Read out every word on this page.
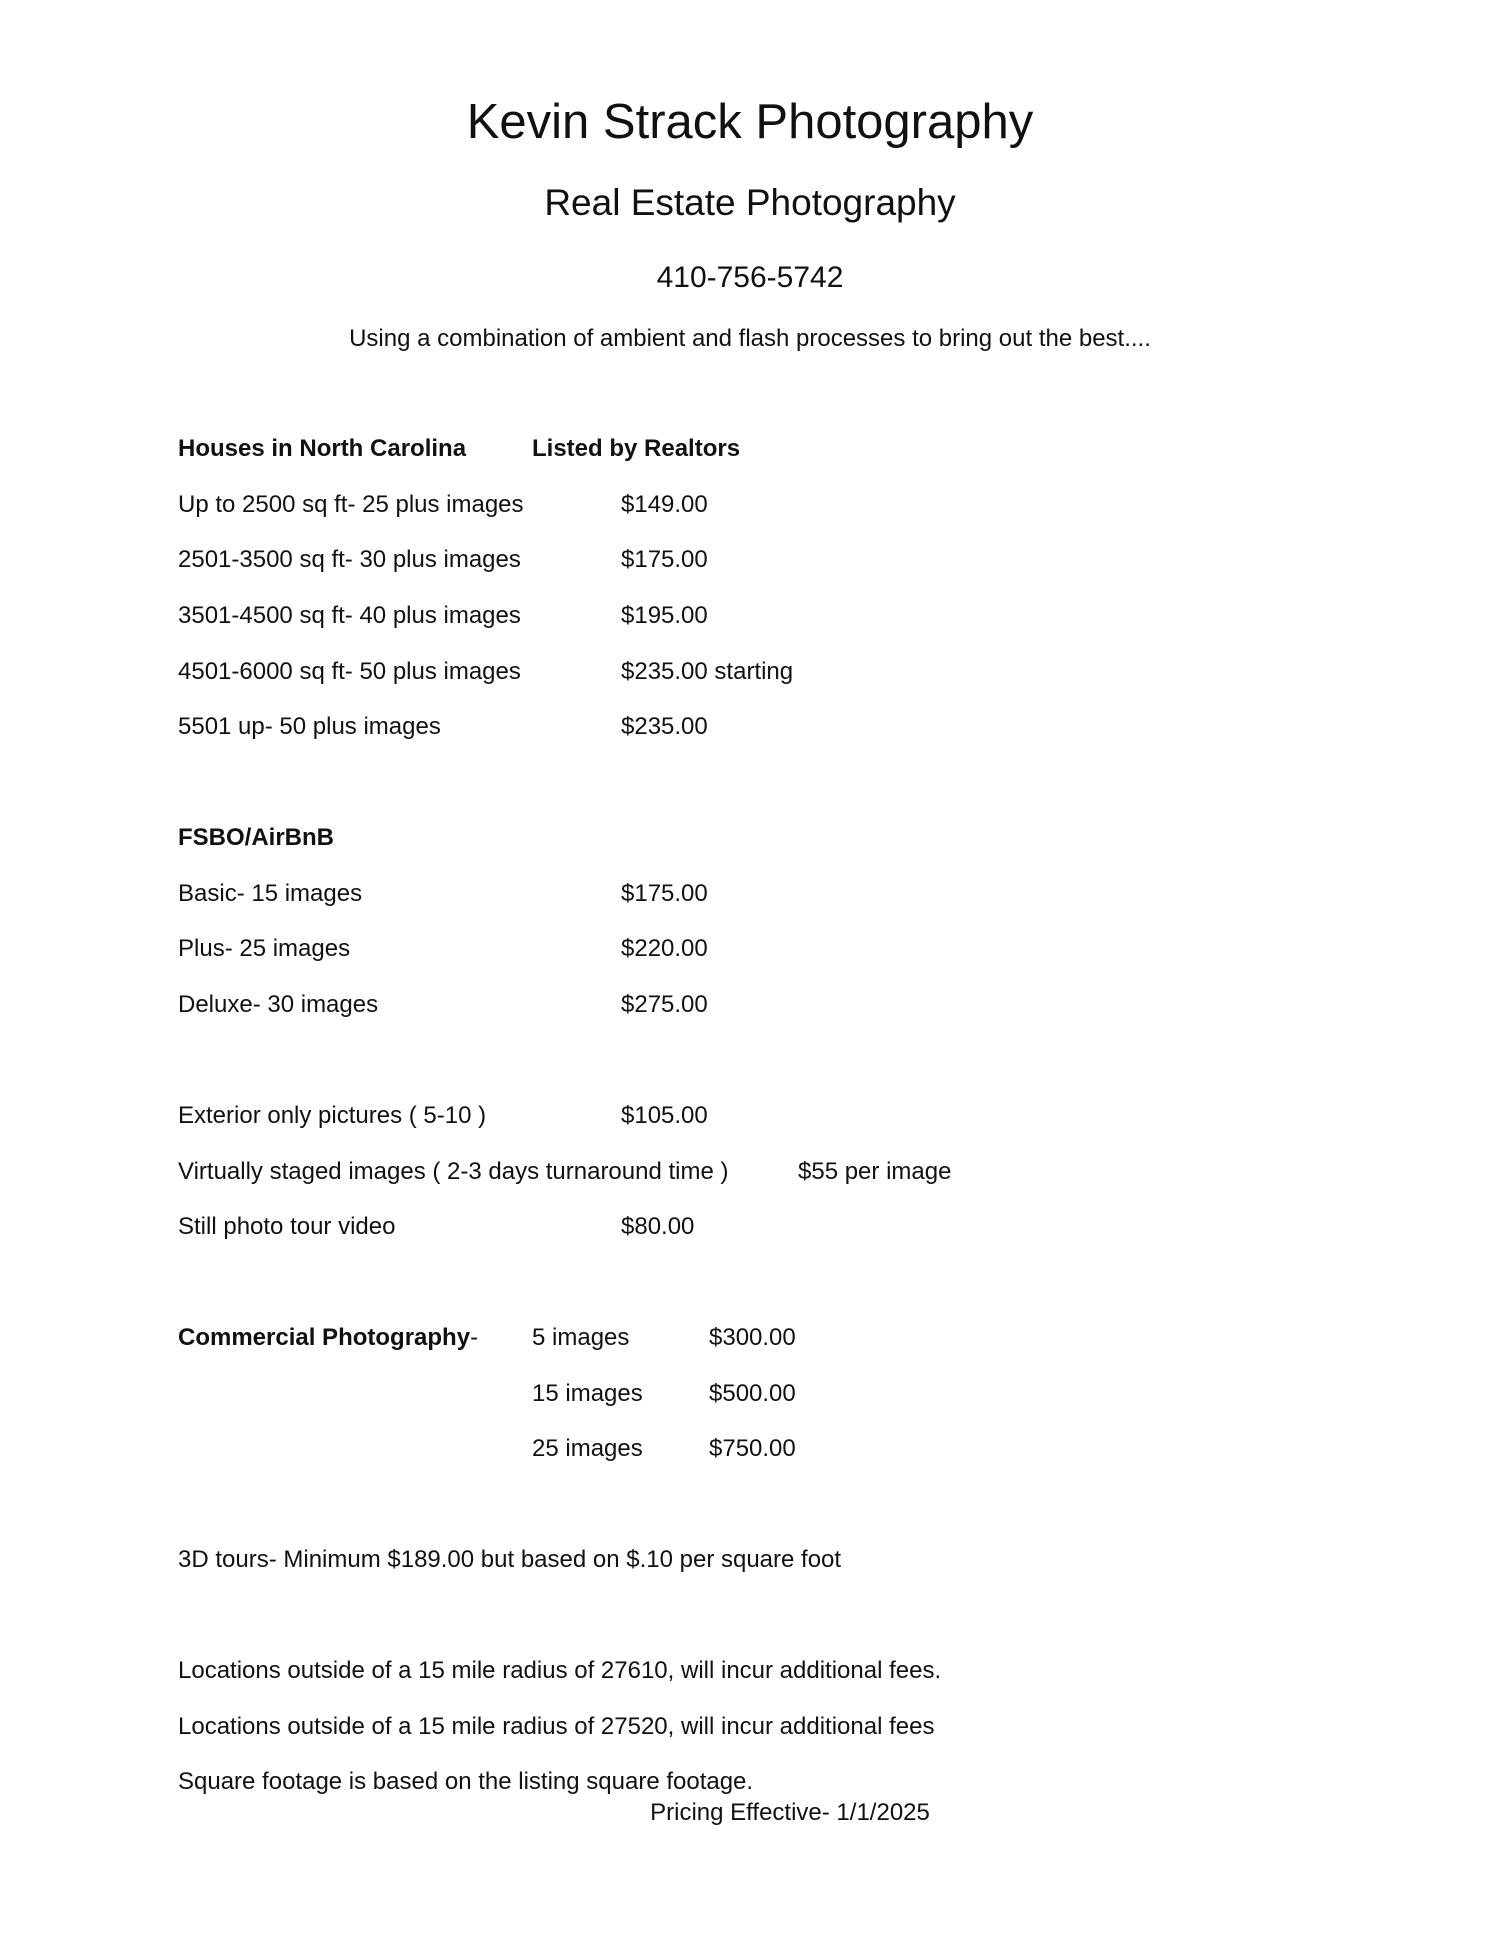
Kevin Strack Photography
Real Estate Photography
410-756-5742
Using a combination of ambient and flash processes to bring out the best....
Houses in North Carolina	Listed by Realtors
Up to 2500 sq ft- 25 plus images	$149.00
2501-3500 sq ft- 30 plus images	$175.00
3501-4500 sq ft- 40 plus images	$195.00
4501-6000 sq ft- 50 plus images	$235.00 starting
5501 up- 50 plus images	$235.00
FSBO/AirBnB
Basic- 15 images	$175.00
Plus- 25 images	$220.00
Deluxe- 30 images	$275.00
Exterior only pictures ( 5-10 )	$105.00
Virtually staged images ( 2-3 days turnaround time )	$55 per image
Still photo tour video	$80.00
Commercial Photography- 5 images	$300.00
15 images	$500.00
25 images	$750.00
3D tours- Minimum $189.00 but based on $.10 per square foot
Locations outside of a 15 mile radius of 27610, will incur additional fees.
Locations outside of a 15 mile radius of 27520, will incur additional fees
Square footage is based on the listing square footage.
Pricing Effective- 1/1/2025
